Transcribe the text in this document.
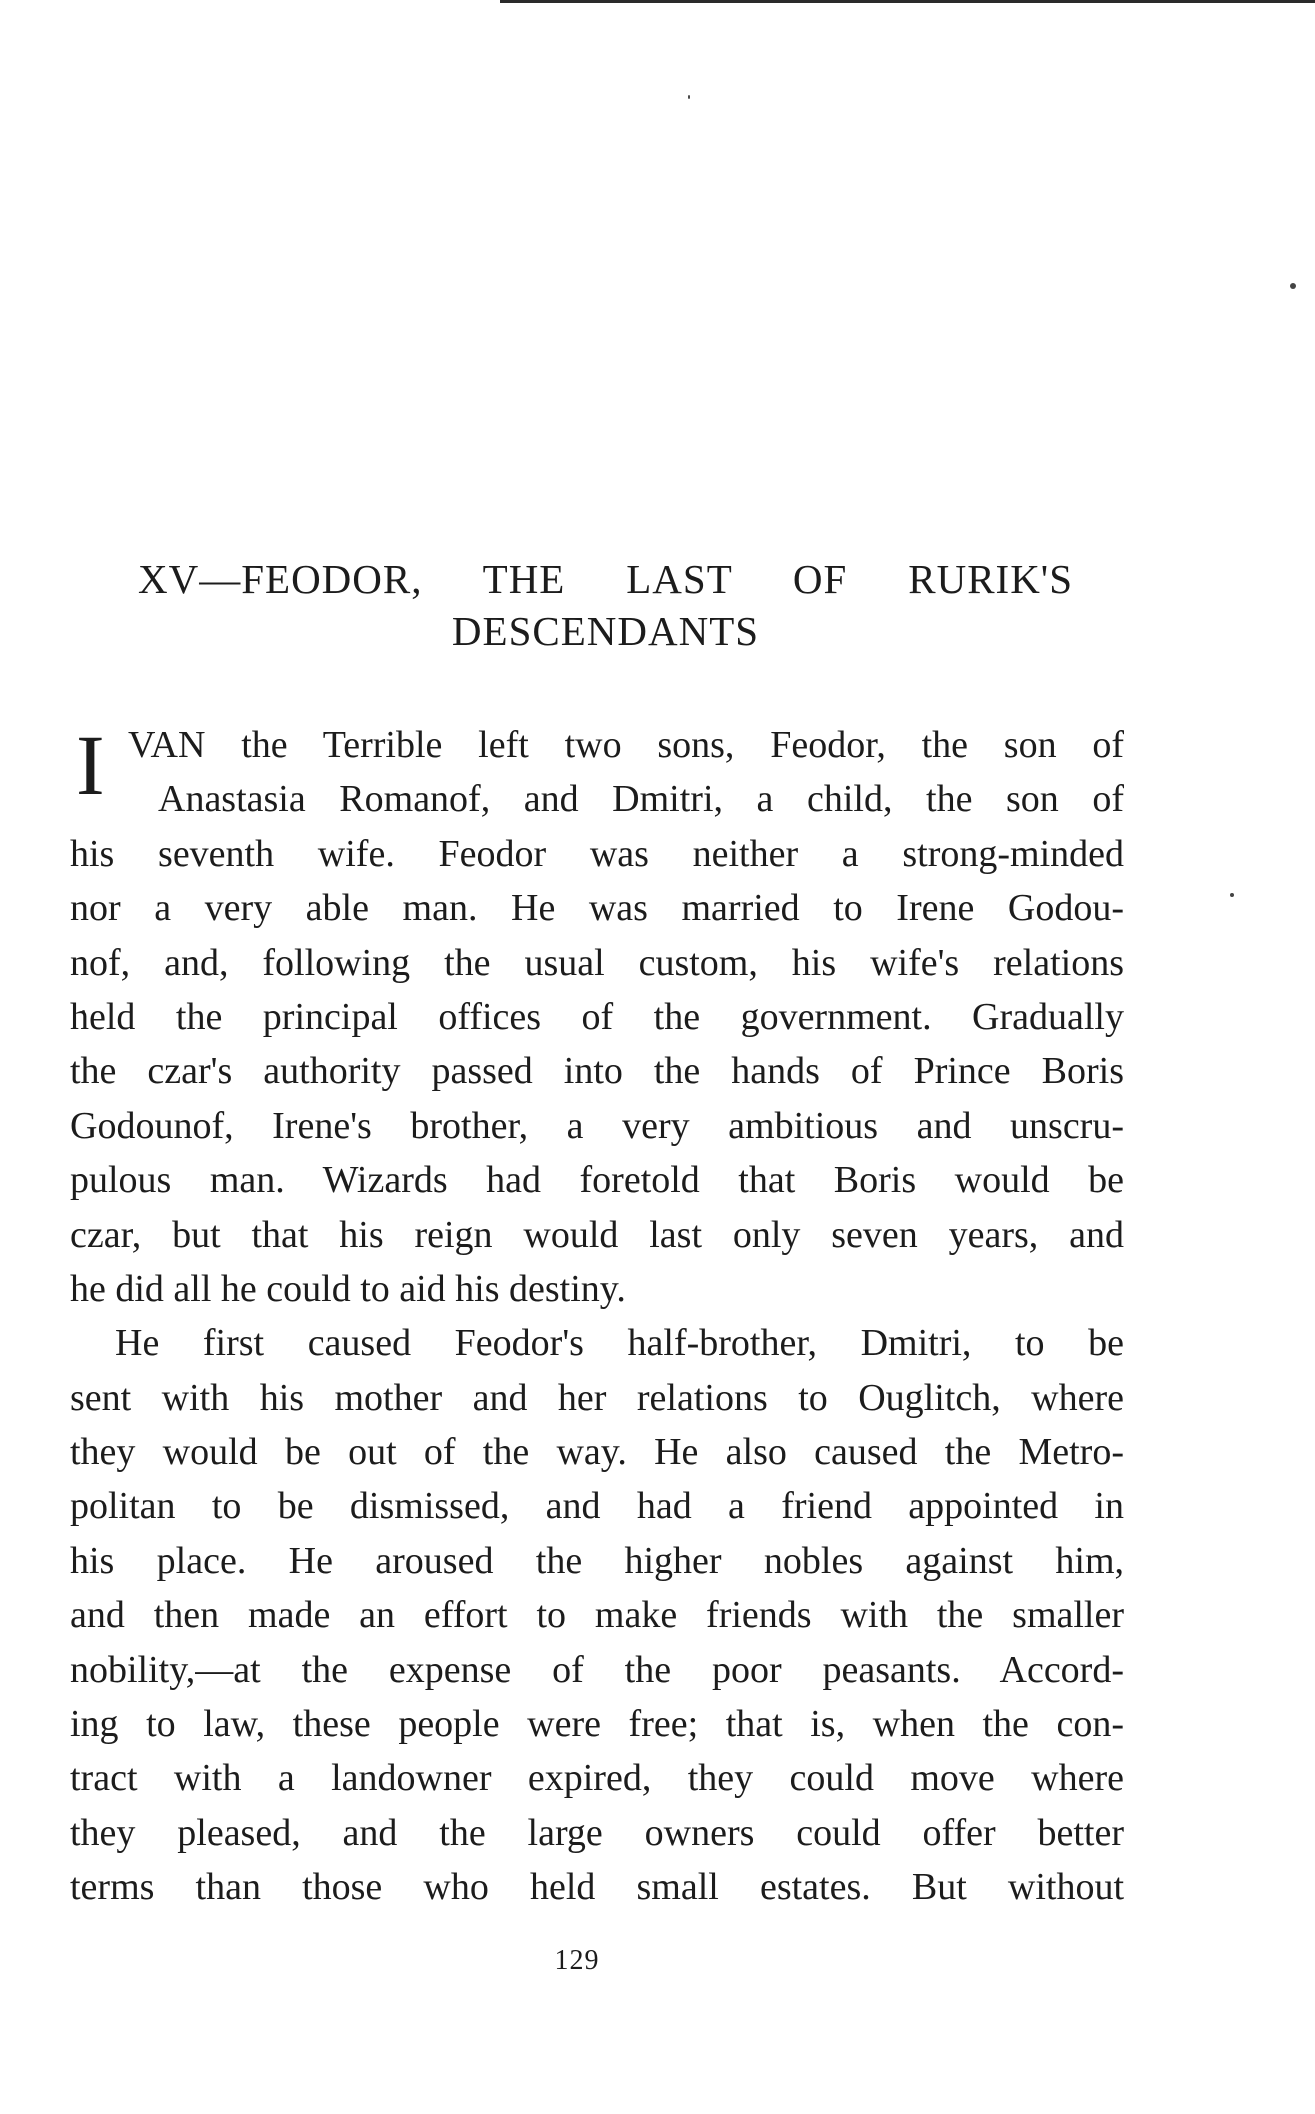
XV—FEODOR, THE LAST OF RURIK'S
DESCENDANTS
I VAN the Terrible left two sons, Feodor, the son of
Anastasia Romanof, and Dmitri, a child, the son of
his seventh wife. Feodor was neither a strong-minded
nor a very able man. He was married to Irene Godou-
nof, and, following the usual custom, his wife's relations
held the principal offices of the government. Gradually
the czar's authority passed into the hands of Prince Boris
Godounof, Irene's brother, a very ambitious and unscru-
pulous man. Wizards had foretold that Boris would be
czar, but that his reign would last only seven years, and
he did all he could to aid his destiny.
He first caused Feodor's half-brother, Dmitri, to be
sent with his mother and her relations to Ouglitch, where
they would be out of the way. He also caused the Metro-
politan to be dismissed, and had a friend appointed in
his place. He aroused the higher nobles against him,
and then made an effort to make friends with the smaller
nobility,—at the expense of the poor peasants. Accord-
ing to law, these people were free; that is, when the con-
tract with a landowner expired, they could move where
they pleased, and the large owners could offer better
terms than those who held small estates. But without
129
